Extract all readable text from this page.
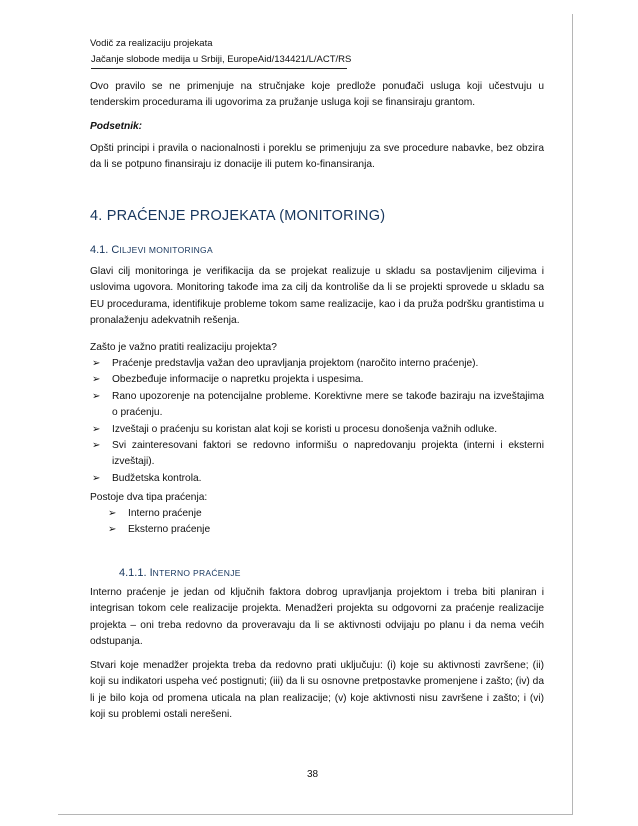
Vodič za realizaciju projekata
Jačanje slobode medija u Srbiji, EuropeAid/134421/L/ACT/RS

Ovo pravilo se ne primenjuje na stručnjake koje predlože ponuđači usluga koji učestvuju u tenderskim procedurama ili ugovorima za pružanje usluga koji se finansiraju grantom.

Podsetnik:

Opšti principi i pravila o nacionalnosti i poreklu se primenjuju za sve procedure nabavke, bez obzira da li se potpuno finansiraju iz donacije ili putem ko-finansiranja.

4. PRAĆENJE PROJEKATA (MONITORING)
4.1. CILJEVI MONITORINGA

Glavi cilj monitoringa je verifikacija da se projekat realizuje u skladu sa postavljenim ciljevima i uslovima ugovora. Monitoring takođe ima za cilj da kontroliše da li se projekti sprovede u skladu sa EU procedurama, identifikuje probleme tokom same realizacije, kao i da pruža podršku grantistima u pronalaženju adekvatnih rešenja.

Zašto je važno pratiti realizaciju projekta?

➢ Praćenje predstavlja važan deo upravljanja projektom (naročito interno praćenje).
➢ Obezbeđuje informacije o napretku projekta i uspesima.
➢ Rano upozorenje na potencijalne probleme. Korektivne mere se takođe baziraju na izveštajima o praćenju.
➢ Izveštaji o praćenju su koristan alat koji se koristi u procesu donošenja važnih odluke.
➢ Svi zainteresovani faktori se redovno informišu o napredovanju projekta (interni i eksterni izveštaji).
➢ Budžetska kontrola.

Postoje dva tipa praćenja:

➢ Interno praćenje
➢ Eksterno praćenje
4.1.1. INTERNO PRAĆENJE

Interno praćenje je jedan od ključnih faktora dobrog upravljanja projektom i treba biti planiran i integrisan tokom cele realizacije projekta. Menadžeri projekta su odgovorni za praćenje realizacije projekta – oni treba redovno da proveravaju da li se aktivnosti odvijaju po planu i da nema većih odstupanja.

Stvari koje menadžer projekta treba da redovno prati uključuju: (i) koje su aktivnosti završene; (ii) koji su indikatori uspeha već postignuti; (iii) da li su osnovne pretpostavke promenjene i zašto; (iv) da li je bilo koja od promena uticala na plan realizacije; (v) koje aktivnosti nisu završene i zašto; i (vi) koji su problemi ostali nerešeni.

38
